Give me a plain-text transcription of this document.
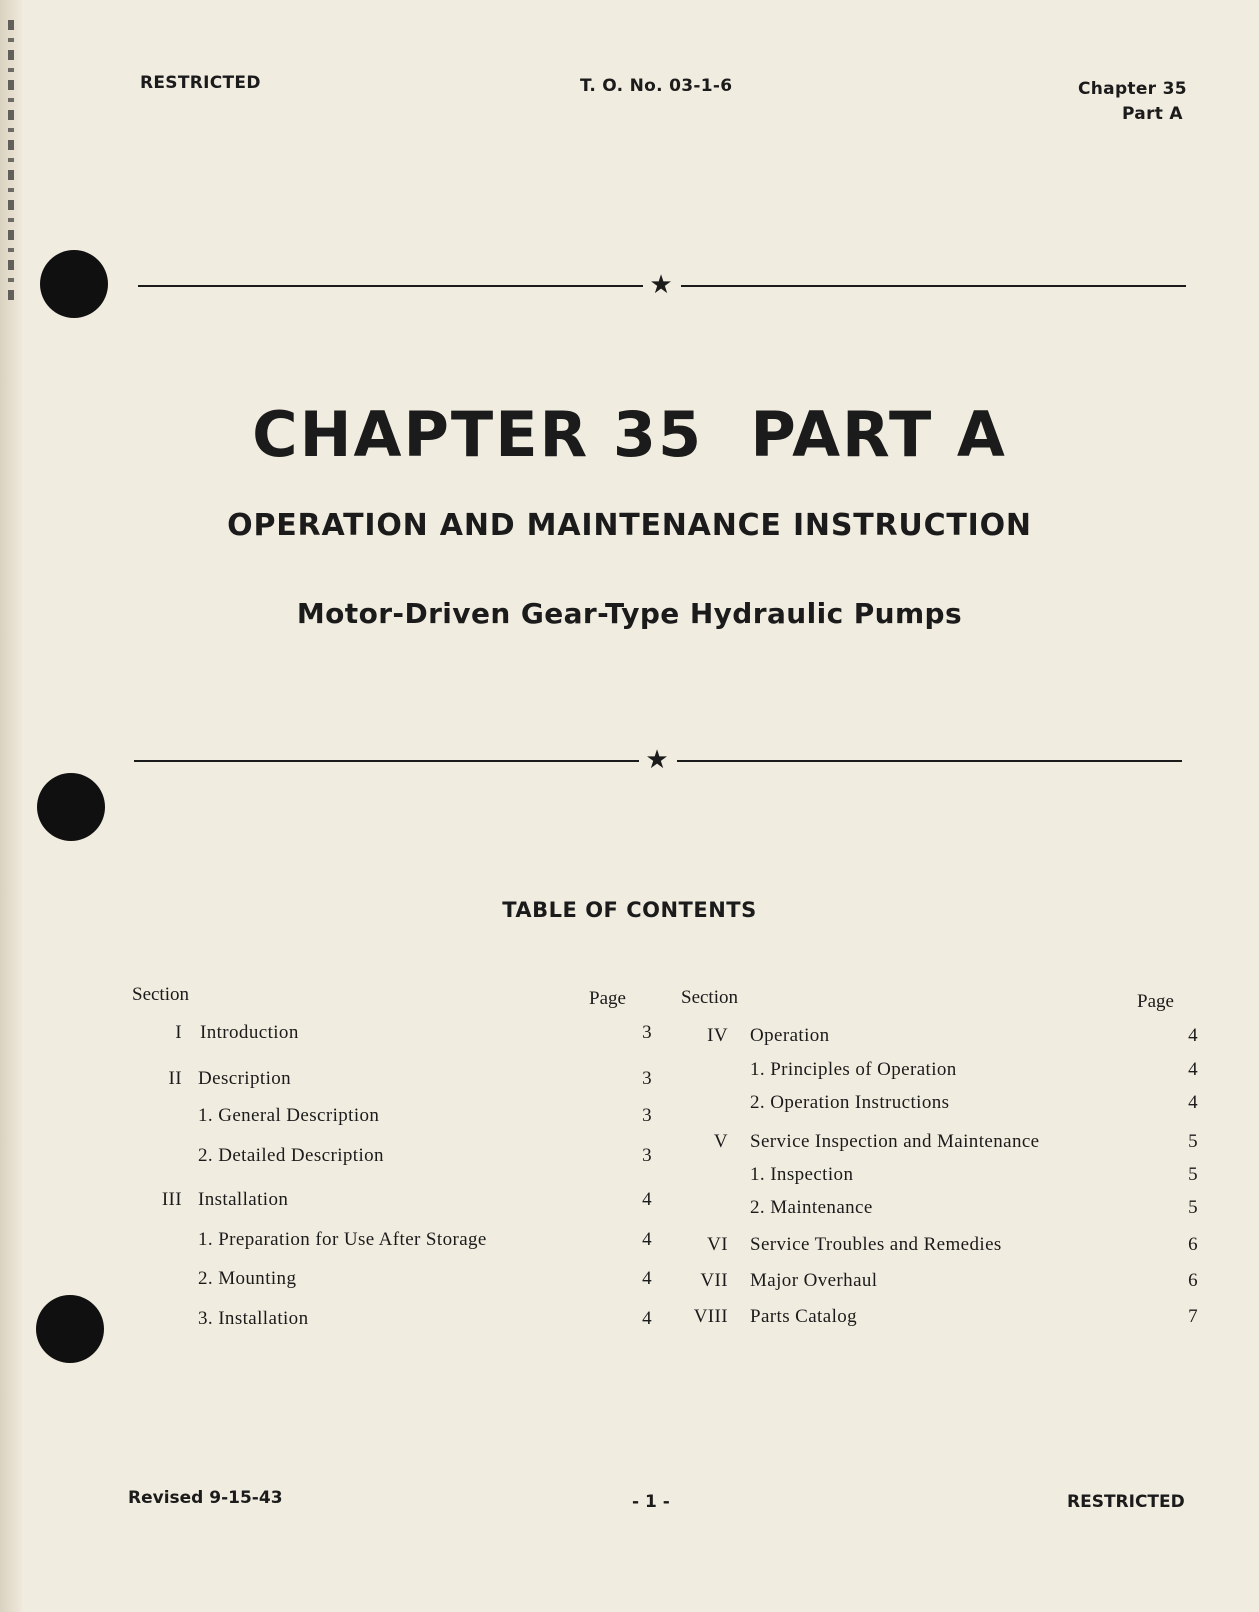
RESTRICTED	T. O. No. 03-1-6	Chapter 35
Part A
★
CHAPTER 35  PART A
OPERATION AND MAINTENANCE INSTRUCTION
Motor-Driven Gear-Type Hydraulic Pumps
★
TABLE OF CONTENTS
Section	Page	Section	Page
I Introduction	3
II Description	3
1. General Description	3
2. Detailed Description	3
III Installation	4
1. Preparation for Use After Storage	4
2. Mounting	4
3. Installation	4
IV Operation	4
1. Principles of Operation	4
2. Operation Instructions	4
V Service Inspection and Maintenance	5
1. Inspection	5
2. Maintenance	5
VI Service Troubles and Remedies	6
VII Major Overhaul	6
VIII Parts Catalog	7
Revised 9-15-43	- 1 -	RESTRICTED
